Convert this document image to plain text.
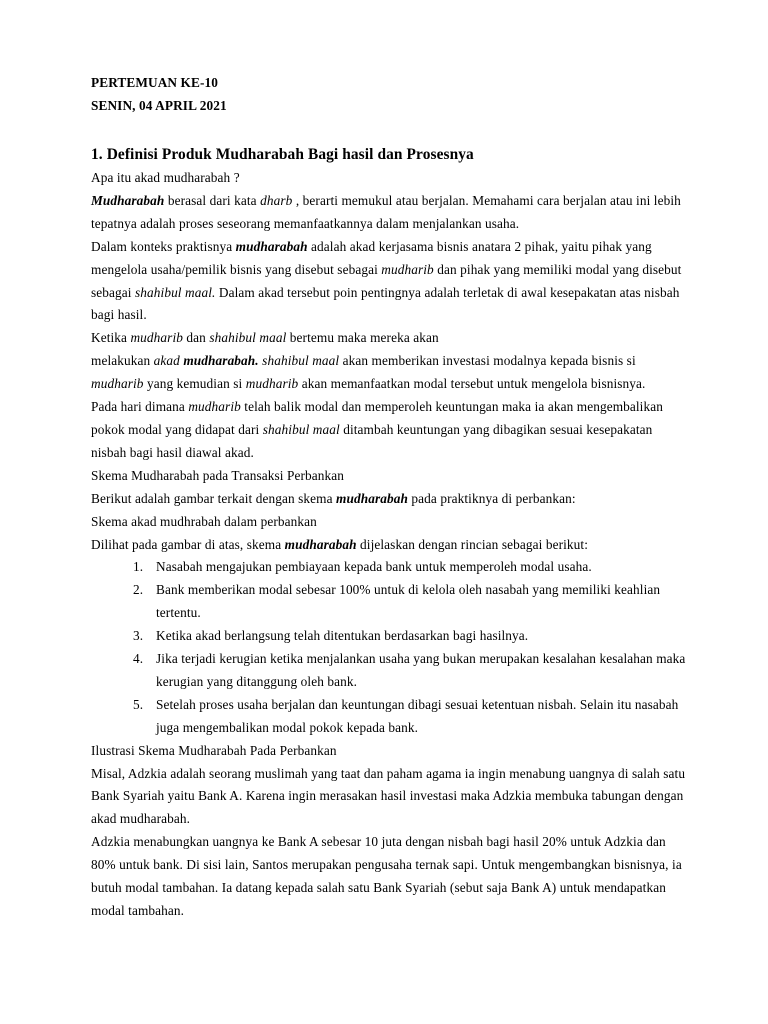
PERTEMUAN KE-10
SENIN, 04 APRIL 2021
1. Definisi Produk Mudharabah Bagi hasil dan Prosesnya

Apa itu akad mudharabah ?

Mudharabah berasal dari kata dharb , berarti memukul atau berjalan. Memahami cara berjalan atau ini lebih tepatnya adalah proses seseorang memanfaatkannya dalam menjalankan usaha.

Dalam konteks praktisnya mudharabah adalah akad kerjasama bisnis anatara 2 pihak, yaitu pihak yang mengelola usaha/pemilik bisnis yang disebut sebagai mudharib dan pihak yang memiliki modal yang disebut sebagai shahibul maal. Dalam akad tersebut poin pentingnya adalah terletak di awal kesepakatan atas nisbah bagi hasil.

Ketika mudharib dan shahibul maal bertemu maka mereka akan
melakukan akad mudharabah. shahibul maal akan memberikan investasi modalnya kepada bisnis si mudharib yang kemudian si mudharib akan memanfaatkan modal tersebut untuk mengelola bisnisnya.

Pada hari dimana mudharib telah balik modal dan memperoleh keuntungan maka ia akan mengembalikan pokok modal yang didapat dari shahibul maal ditambah keuntungan yang dibagikan sesuai kesepakatan nisbah bagi hasil diawal akad.

Skema Mudharabah pada Transaksi Perbankan

Berikut adalah gambar terkait dengan skema mudharabah pada praktiknya di perbankan:

Skema akad mudhrabah dalam perbankan

Dilihat pada gambar di atas, skema mudharabah dijelaskan dengan rincian sebagai berikut:

1. Nasabah mengajukan pembiayaan kepada bank untuk memperoleh modal usaha.
2. Bank memberikan modal sebesar 100% untuk di kelola oleh nasabah yang memiliki keahlian tertentu.
3. Ketika akad berlangsung telah ditentukan berdasarkan bagi hasilnya.
4. Jika terjadi kerugian ketika menjalankan usaha yang bukan merupakan kesalahan kesalahan maka kerugian yang ditanggung oleh bank.
5. Setelah proses usaha berjalan dan keuntungan dibagi sesuai ketentuan nisbah. Selain itu nasabah juga mengembalikan modal pokok kepada bank.

Ilustrasi Skema Mudharabah Pada Perbankan

Misal, Adzkia adalah seorang muslimah yang taat dan paham agama ia ingin menabung uangnya di salah satu Bank Syariah yaitu Bank A. Karena ingin merasakan hasil investasi maka Adzkia membuka tabungan dengan akad mudharabah.

Adzkia menabungkan uangnya ke Bank A sebesar 10 juta dengan nisbah bagi hasil 20% untuk Adzkia dan 80% untuk bank. Di sisi lain, Santos merupakan pengusaha ternak sapi. Untuk mengembangkan bisnisnya, ia butuh modal tambahan. Ia datang kepada salah satu Bank Syariah (sebut saja Bank A) untuk mendapatkan modal tambahan.
